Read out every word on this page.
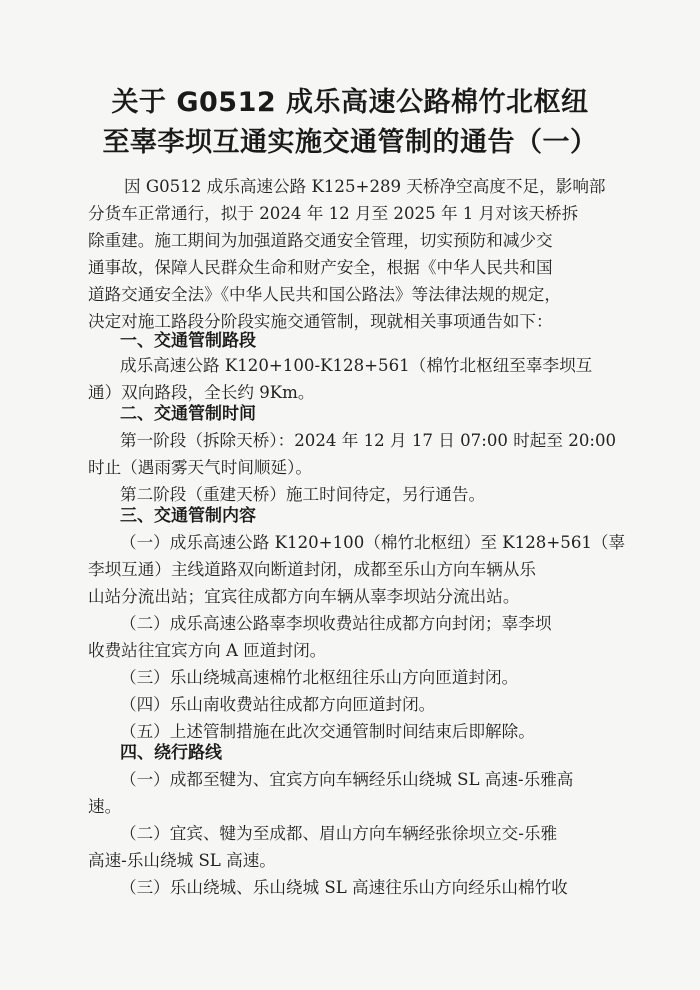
关于 G0512 成乐高速公路棉竹北枢纽
至辜李坝互通实施交通管制的通告（一）
因 G0512 成乐高速公路 K125+289 天桥净空高度不足，影响部
分货车正常通行，拟于 2024 年 12 月至 2025 年 1 月对该天桥拆
除重建。施工期间为加强道路交通安全管理，切实预防和减少交
通事故，保障人民群众生命和财产安全，根据《中华人民共和国
道路交通安全法》《中华人民共和国公路法》等法律法规的规定，
决定对施工路段分阶段实施交通管制，现就相关事项通告如下：
一、交通管制路段
成乐高速公路 K120+100-K128+561（棉竹北枢纽至辜李坝互
通）双向路段，全长约 9Km。
二、交通管制时间
第一阶段（拆除天桥）：2024 年 12 月 17 日 07:00 时起至 20:00
时止（遇雨雾天气时间顺延）。
第二阶段（重建天桥）施工时间待定，另行通告。
三、交通管制内容
（一）成乐高速公路 K120+100（棉竹北枢纽）至 K128+561（辜
李坝互通）主线道路双向断道封闭，成都至乐山方向车辆从乐
山站分流出站；宜宾往成都方向车辆从辜李坝站分流出站。
（二）成乐高速公路辜李坝收费站往成都方向封闭；辜李坝
收费站往宜宾方向 A 匝道封闭。
（三）乐山绕城高速棉竹北枢纽往乐山方向匝道封闭。
（四）乐山南收费站往成都方向匝道封闭。
（五）上述管制措施在此次交通管制时间结束后即解除。
四、绕行路线
（一）成都至犍为、宜宾方向车辆经乐山绕城 SL 高速-乐雅高
速。
（二）宜宾、犍为至成都、眉山方向车辆经张徐坝立交-乐雅
高速-乐山绕城 SL 高速。
（三）乐山绕城、乐山绕城 SL 高速往乐山方向经乐山棉竹收
